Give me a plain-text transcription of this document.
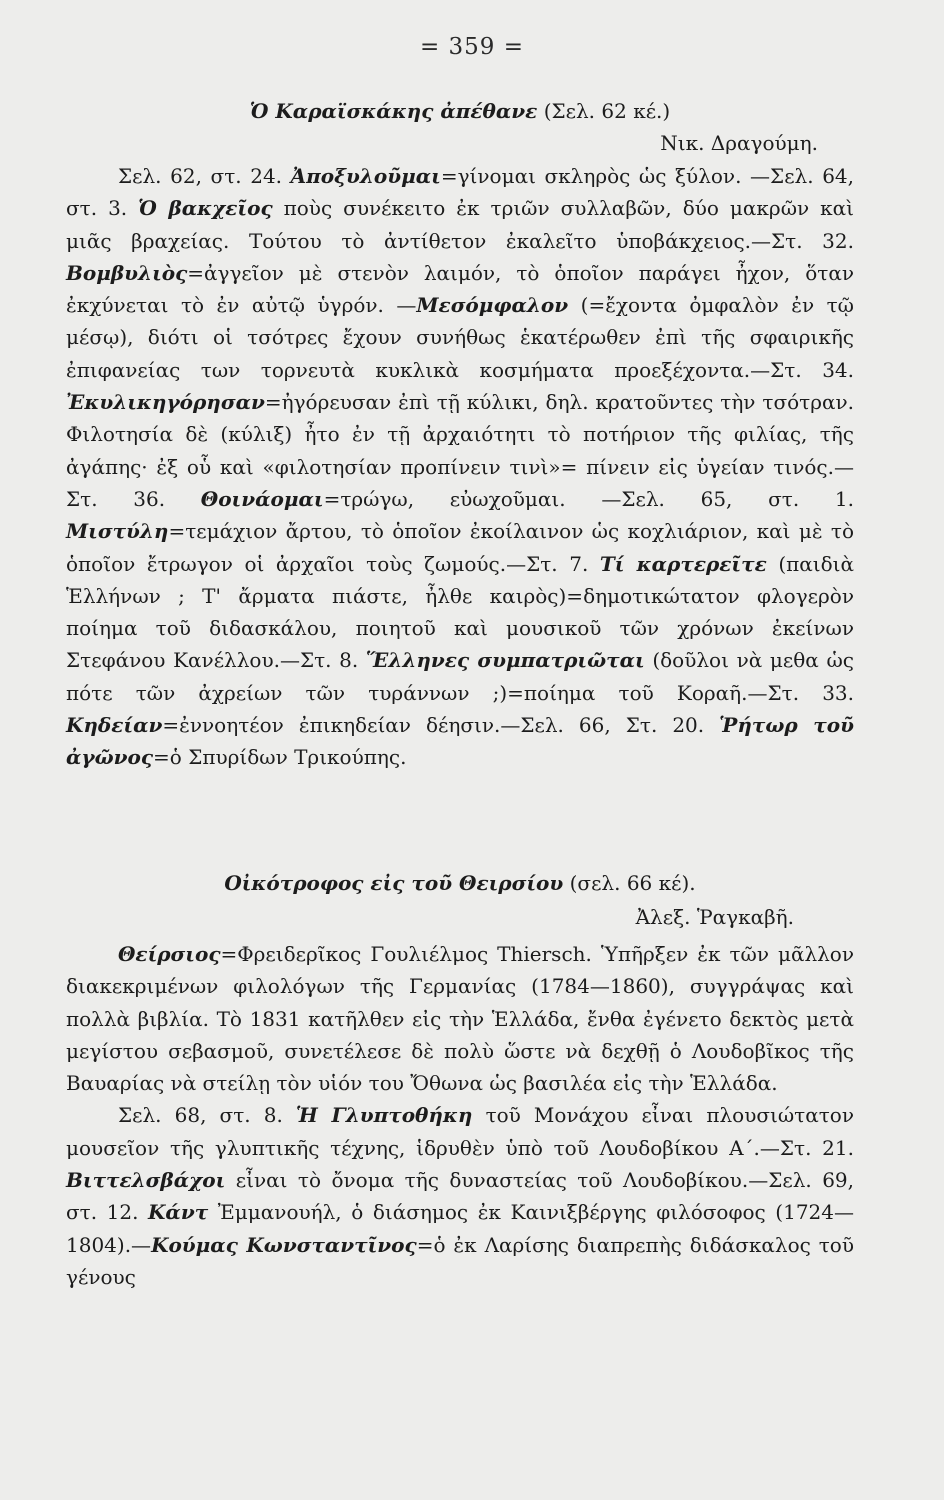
= 359 =
Ὁ Καραϊσκάκης ἀπέθανε (Σελ. 62 κέ.)
Νικ. Δραγούμη.

Σελ. 62, στ. 24. Ἀποξυλοῦμαι=γίνομαι σκληρὸς ὡς ξύλον. —Σελ. 64, στ. 3. Ὁ βακχεῖος ποὺς συνέκειτο ἐκ τριῶν συλλαβῶν, δύο μακρῶν καὶ μιᾶς βραχείας. Τούτου τὸ ἀντίθετον ἐκαλεῖτο ὑποβάκχειος.—Στ. 32. Βομβυλιὸς=ἀγγεῖον μὲ στενὸν λαιμόν, τὸ ὁποῖον παράγει ἦχον, ὅταν ἐκχύνεται τὸ ἐν αὐτῷ ὑγρόν. —Μεσόμφαλον (=ἔχοντα ὀμφαλὸν ἐν τῷ μέσῳ), διότι οἱ τσότρες ἔχουν συνήθως ἑκατέρωθεν ἐπὶ τῆς σφαιρικῆς ἐπιφανείας των τορνευτὰ κυκλικὰ κοσμήματα προεξέχοντα.—Στ. 34. Ἐκυλικηγόρησαν=ἠγόρευσαν ἐπὶ τῇ κύλικι, δηλ. κρατοῦντες τὴν τσότραν. Φιλοτησία δὲ (κύλιξ) ἦτο ἐν τῇ ἀρχαιότητι τὸ ποτήριον τῆς φιλίας, τῆς ἀγάπης· ἐξ οὗ καὶ «φιλοτησίαν προπίνειν τινὶ»= πίνειν εἰς ὑγείαν τινός.—Στ. 36. Θοινάομαι=τρώγω, εὐωχοῦμαι. —Σελ. 65, στ. 1. Μιστύλη=τεμάχιον ἄρτου, τὸ ὁποῖον ἐκοίλαινον ὡς κοχλιάριον, καὶ μὲ τὸ ὁποῖον ἔτρωγον οἱ ἀρχαῖοι τοὺς ζωμούς.—Στ. 7. Τί καρτερεῖτε (παιδιὰ Ἑλλήνων ; Τ' ἄρματα πιάστε, ἦλθε καιρὸς)=δημοτικώτατον φλογερὸν ποίημα τοῦ διδασκάλου, ποιητοῦ καὶ μουσικοῦ τῶν χρόνων ἐκείνων Στεφάνου Κανέλλου.—Στ. 8. Ἕλληνες συμπατριῶται (δοῦλοι νὰ μεθα ὡς πότε τῶν ἀχρείων τῶν τυράννων ;)=ποίημα τοῦ Κοραῆ.—Στ. 33. Κηδείαν=ἐννοητέον ἐπικηδείαν δέησιν.—Σελ. 66, Στ. 20. Ῥήτωρ τοῦ ἀγῶνος=ὁ Σπυρίδων Τρικούπης.

Οἰκότροφος εἰς τοῦ Θειρσίου (σελ. 66 κέ).
Ἀλεξ. Ῥαγκαβῆ.

Θείρσιος=Φρειδερῖκος Γουλιέλμος Thiersch. Ὑπῆρξεν ἐκ τῶν μᾶλλον διακεκριμένων φιλολόγων τῆς Γερμανίας (1784—1860), συγγράψας καὶ πολλὰ βιβλία. Τὸ 1831 κατῆλθεν εἰς τὴν Ἑλλάδα, ἔνθα ἐγένετο δεκτὸς μετὰ μεγίστου σεβασμοῦ, συνετέλεσε δὲ πολὺ ὥστε νὰ δεχθῇ ὁ Λουδοβῖκος τῆς Βαυαρίας νὰ στείλῃ τὸν υἱόν του Ὄθωνα ὡς βασιλέα εἰς τὴν Ἑλλάδα.

Σελ. 68, στ. 8. Ἡ Γλυπτοθήκη τοῦ Μονάχου εἶναι πλουσιώτατον μουσεῖον τῆς γλυπτικῆς τέχνης, ἱδρυθὲν ὑπὸ τοῦ Λουδοβίκου Α΄.—Στ. 21. Βιττελσβάχοι εἶναι τὸ ὄνομα τῆς δυναστείας τοῦ Λουδοβίκου.—Σελ. 69, στ. 12. Κάντ Ἐμμανουήλ, ὁ διάσημος ἐκ Καινιξβέργης φιλόσοφος (1724—1804).—Κούμας Κωνσταντῖνος=ὁ ἐκ Λαρίσης διαπρεπὴς διδάσκαλος τοῦ γένους
